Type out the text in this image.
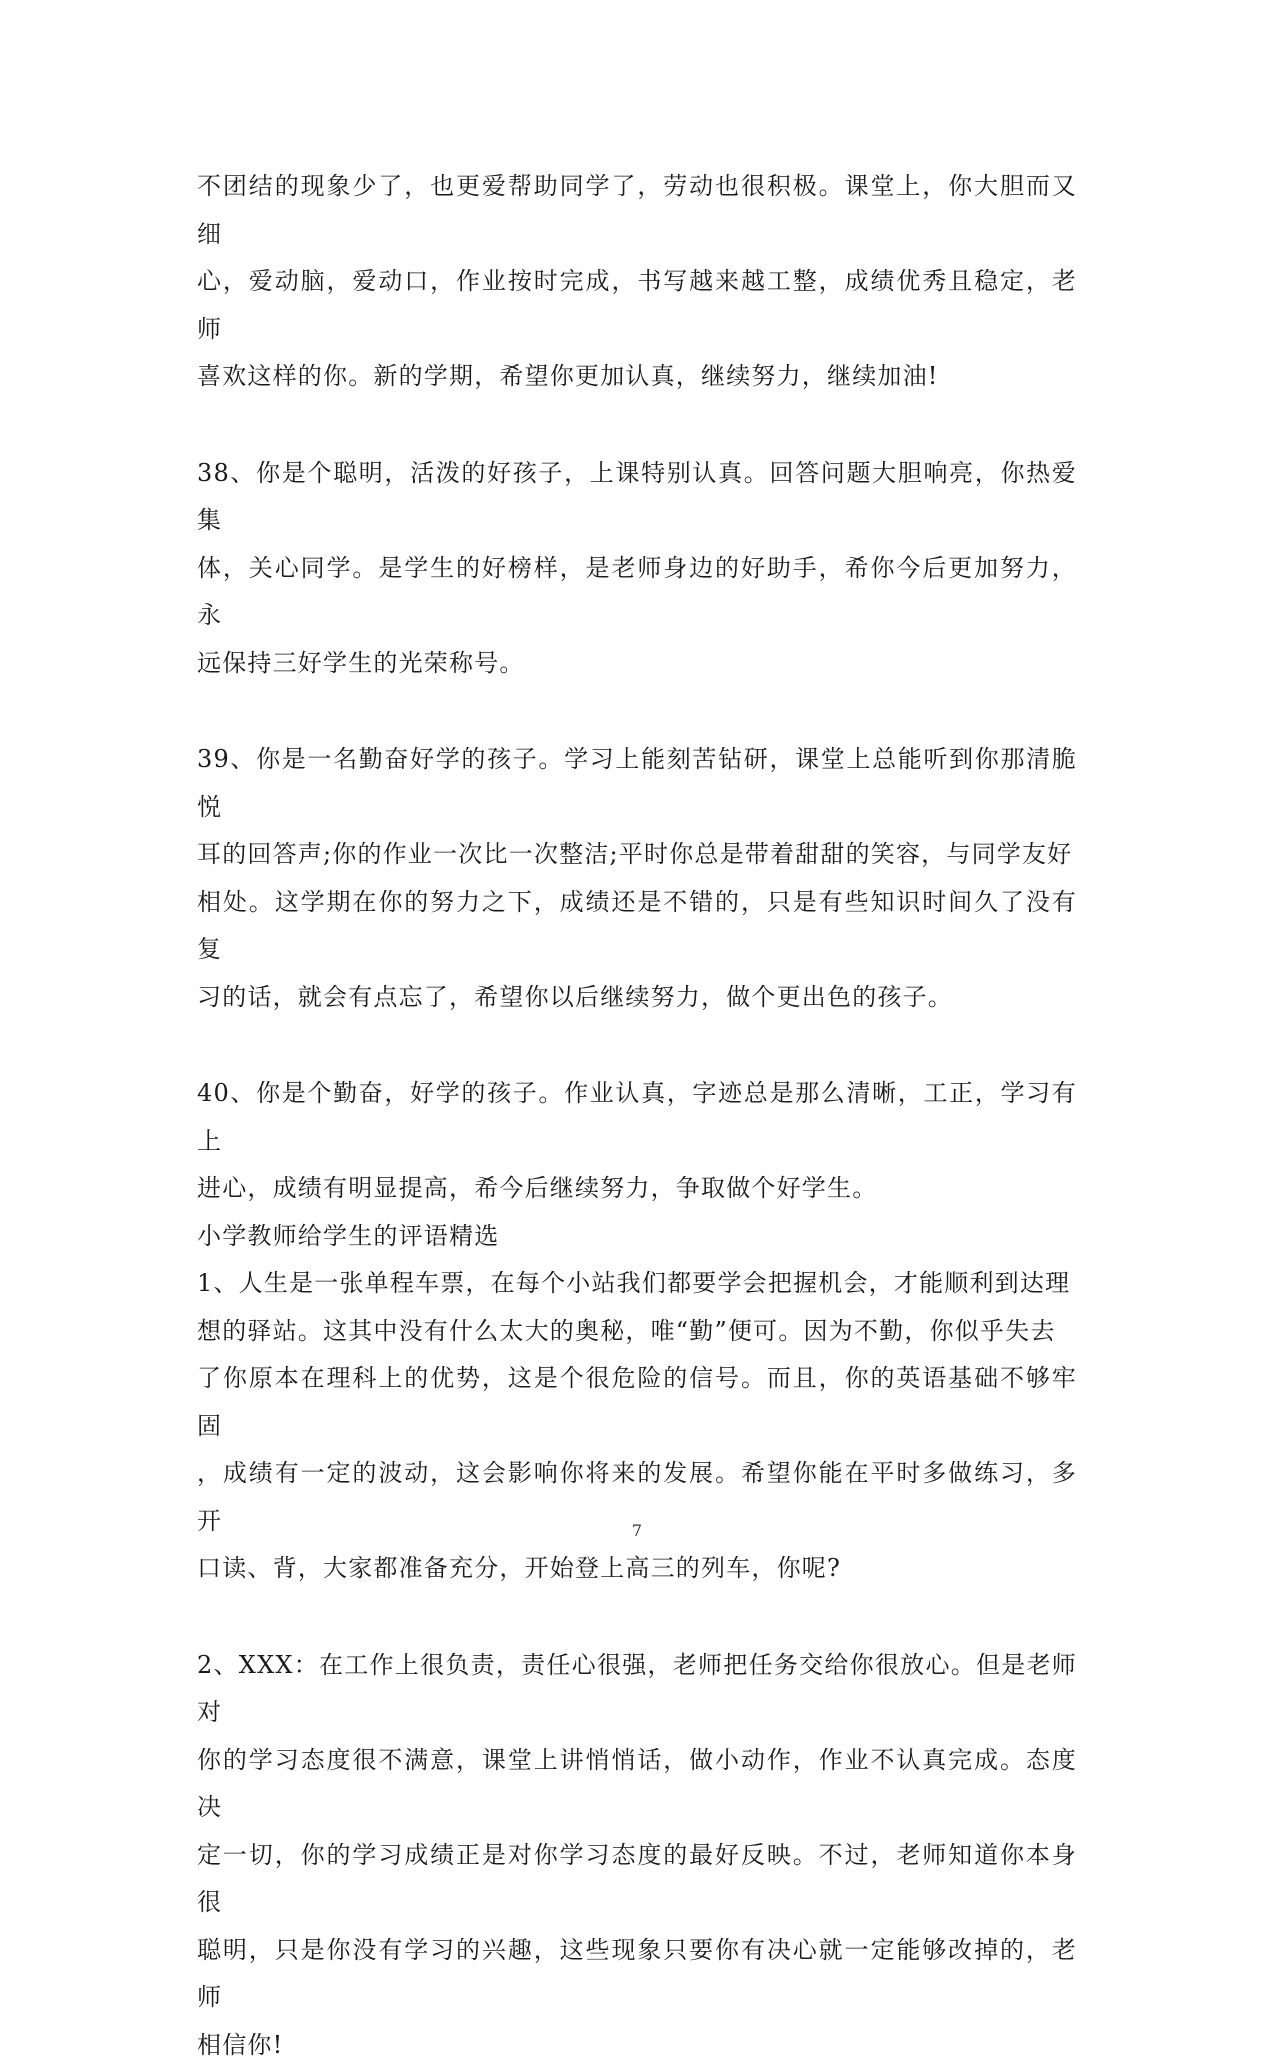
不团结的现象少了，也更爱帮助同学了，劳动也很积极。课堂上，你大胆而又细

心，爱动脑，爱动口，作业按时完成，书写越来越工整，成绩优秀且稳定，老师

喜欢这样的你。新的学期，希望你更加认真，继续努力，继续加油!

38、你是个聪明，活泼的好孩子，上课特别认真。回答问题大胆响亮，你热爱集

体，关心同学。是学生的好榜样，是老师身边的好助手，希你今后更加努力，永

远保持三好学生的光荣称号。

39、你是一名勤奋好学的孩子。学习上能刻苦钻研，课堂上总能听到你那清脆悦

耳的回答声;你的作业一次比一次整洁;平时你总是带着甜甜的笑容，与同学友好

相处。这学期在你的努力之下，成绩还是不错的，只是有些知识时间久了没有复

习的话，就会有点忘了，希望你以后继续努力，做个更出色的孩子。

40、你是个勤奋，好学的孩子。作业认真，字迹总是那么清晰，工正，学习有上

进心，成绩有明显提高，希今后继续努力，争取做个好学生。

小学教师给学生的评语精选

1、人生是一张单程车票，在每个小站我们都要学会把握机会，才能顺利到达理

想的驿站。这其中没有什么太大的奥秘，唯“勤”便可。因为不勤，你似乎失去

了你原本在理科上的优势，这是个很危险的信号。而且，你的英语基础不够牢固

，成绩有一定的波动，这会影响你将来的发展。希望你能在平时多做练习，多开

口读、背，大家都准备充分，开始登上高三的列车，你呢?

2、XXX：在工作上很负责，责任心很强，老师把任务交给你很放心。但是老师对

你的学习态度很不满意，课堂上讲悄悄话，做小动作，作业不认真完成。态度决

定一切，你的学习成绩正是对你学习态度的最好反映。不过，老师知道你本身很

聪明，只是你没有学习的兴趣，这些现象只要你有决心就一定能够改掉的，老师

相信你!

7
